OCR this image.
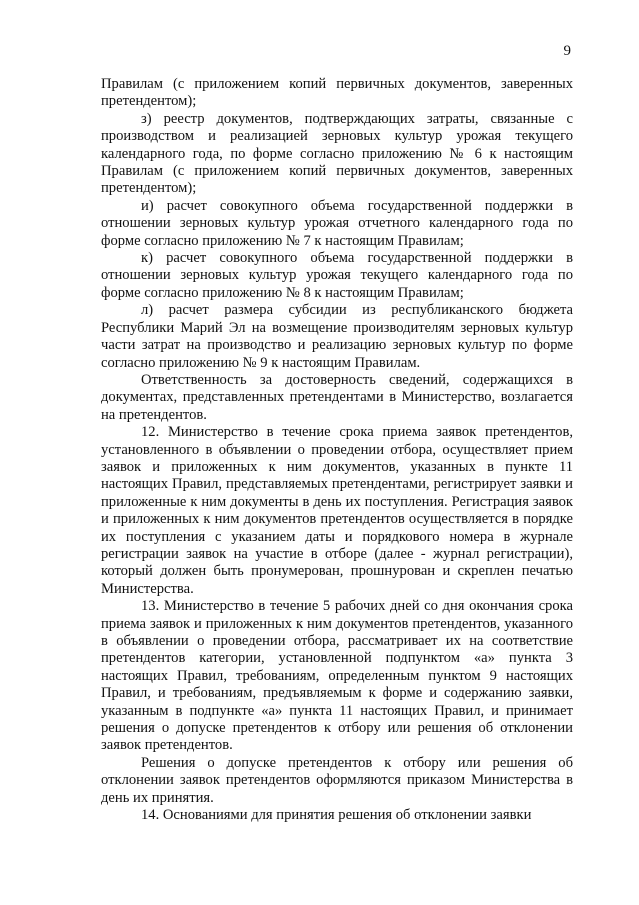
9

Правилам (с приложением копий первичных документов, заверенных претендентом);

з) реестр документов, подтверждающих затраты, связанные с производством и реализацией зерновых культур урожая текущего календарного года, по форме согласно приложению № 6 к настоящим Правилам (с приложением копий первичных документов, заверенных претендентом);

и) расчет совокупного объема государственной поддержки в отношении зерновых культур урожая отчетного календарного года по форме согласно приложению № 7 к настоящим Правилам;

к) расчет совокупного объема государственной поддержки в отношении зерновых культур урожая текущего календарного года по форме согласно приложению № 8 к настоящим Правилам;

л) расчет размера субсидии из республиканского бюджета Республики Марий Эл на возмещение производителям зерновых культур части затрат на производство и реализацию зерновых культур по форме согласно приложению № 9 к настоящим Правилам.

Ответственность за достоверность сведений, содержащихся в документах, представленных претендентами в Министерство, возлагается на претендентов.

12. Министерство в течение срока приема заявок претендентов, установленного в объявлении о проведении отбора, осуществляет прием заявок и приложенных к ним документов, указанных в пункте 11 настоящих Правил, представляемых претендентами, регистрирует заявки и приложенные к ним документы в день их поступления. Регистрация заявок и приложенных к ним документов претендентов осуществляется в порядке их поступления с указанием даты и порядкового номера в журнале регистрации заявок на участие в отборе (далее - журнал регистрации), который должен быть пронумерован, прошнурован и скреплен печатью Министерства.

13. Министерство в течение 5 рабочих дней со дня окончания срока приема заявок и приложенных к ним документов претендентов, указанного в объявлении о проведении отбора, рассматривает их на соответствие претендентов категории, установленной подпунктом «а» пункта 3 настоящих Правил, требованиям, определенным пунктом 9 настоящих Правил, и требованиям, предъявляемым к форме и содержанию заявки, указанным в подпункте «а» пункта 11 настоящих Правил, и принимает решения о допуске претендентов к отбору или решения об отклонении заявок претендентов.

Решения о допуске претендентов к отбору или решения об отклонении заявок претендентов оформляются приказом Министерства в день их принятия.

14. Основаниями для принятия решения об отклонении заявки
